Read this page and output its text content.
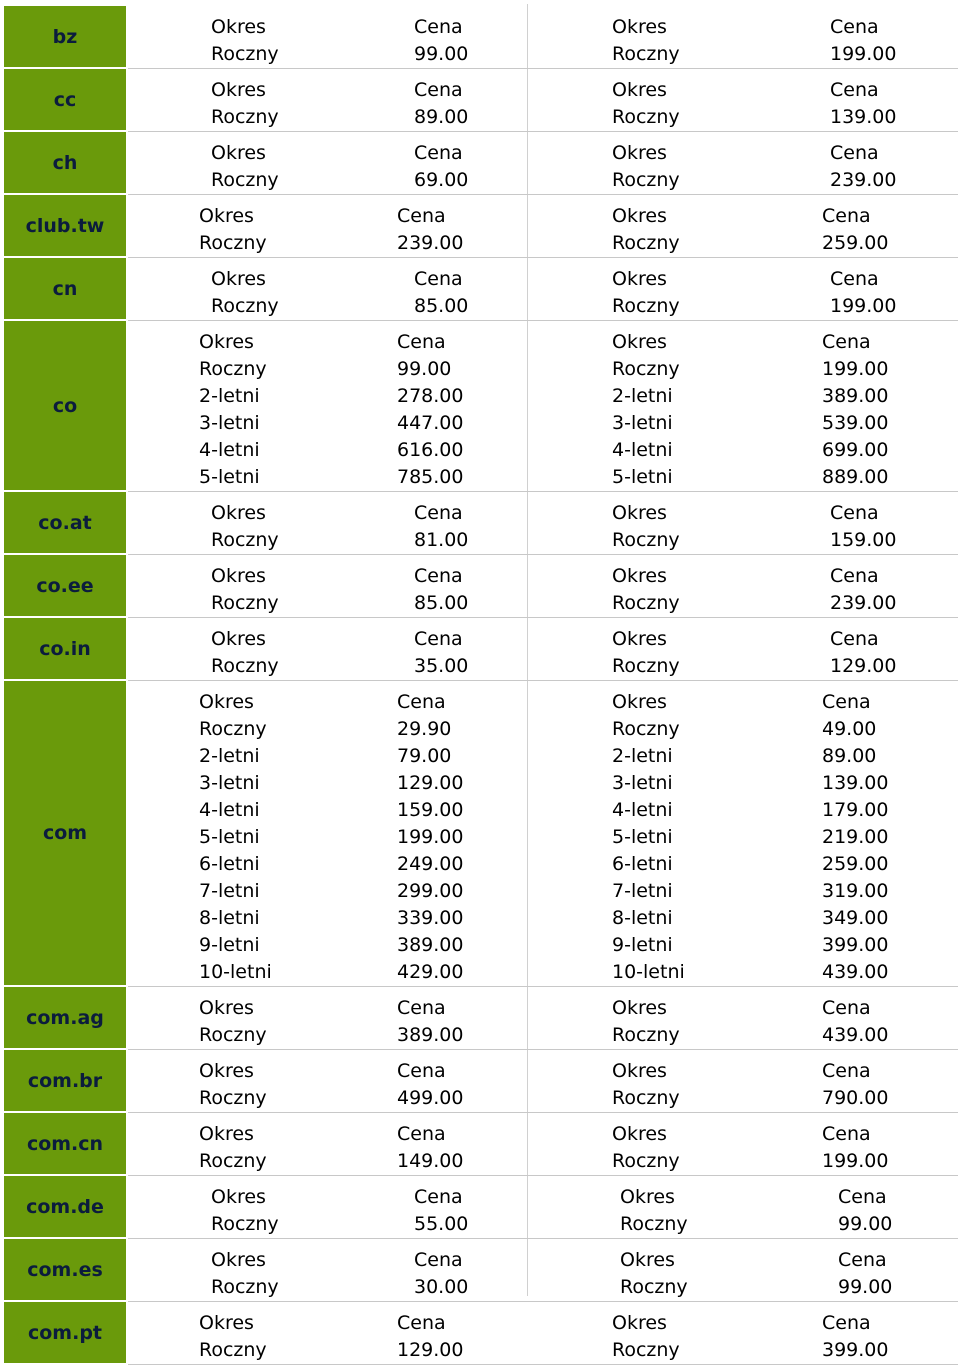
bz	Okres	Cena
Roczny	99.00
Okres	Cena
Roczny	199.00
cc	Okres	Cena
Roczny	89.00
Okres	Cena
Roczny	139.00
ch	Okres	Cena
Roczny	69.00
Okres	Cena
Roczny	239.00
club.tw	Okres	Cena
Roczny	239.00
Okres	Cena
Roczny	259.00
cn	Okres	Cena
Roczny	85.00
Okres	Cena
Roczny	199.00
co
Okres	Cena
Roczny	99.00
2-letni	278.00
3-letni	447.00
4-letni	616.00
5-letni	785.00
Okres	Cena
Roczny	199.00
2-letni	389.00
3-letni	539.00
4-letni	699.00
5-letni	889.00
co.at	Okres	Cena
Roczny	81.00
Okres	Cena
Roczny	159.00
co.ee	Okres	Cena
Roczny	85.00
Okres	Cena
Roczny	239.00
co.in	Okres	Cena
Roczny	35.00
Okres	Cena
Roczny	129.00
com
Okres	Cena
Roczny	29.90
2-letni	79.00
3-letni	129.00
4-letni	159.00
5-letni	199.00
6-letni	249.00
7-letni	299.00
8-letni	339.00
9-letni	389.00
10-letni	429.00
Okres	Cena
Roczny	49.00
2-letni	89.00
3-letni	139.00
4-letni	179.00
5-letni	219.00
6-letni	259.00
7-letni	319.00
8-letni	349.00
9-letni	399.00
10-letni	439.00
com.ag	Okres	Cena
Roczny	389.00
Okres	Cena
Roczny	439.00
com.br	Okres	Cena
Roczny	499.00
Okres	Cena
Roczny	790.00
com.cn	Okres	Cena
Roczny	149.00
Okres	Cena
Roczny	199.00
com.de	Okres	Cena
Roczny	55.00
Okres	Cena
Roczny	99.00
com.es	Okres	Cena
Roczny	30.00
Okres	Cena
Roczny	99.00
com.pt	Okres	Cena
Roczny	129.00
Okres	Cena
Roczny	399.00
